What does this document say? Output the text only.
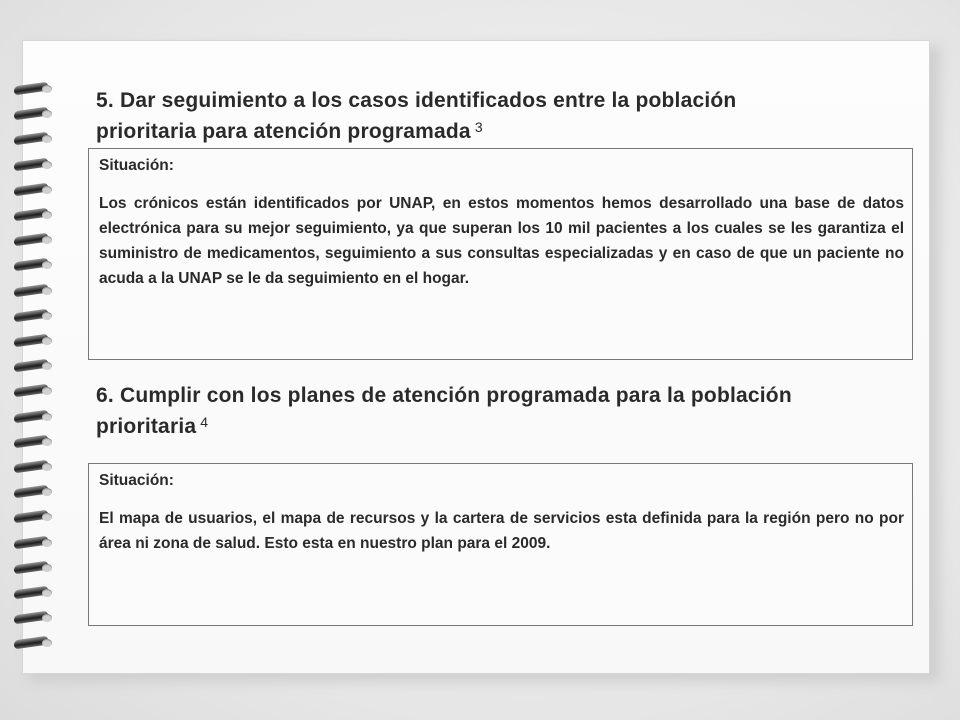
5. Dar seguimiento a los casos identificados entre la población
prioritaria para atención programada $^3$
Situación:
Los crónicos están identificados por UNAP, en estos momentos hemos desarrollado una base de datos electrónica para su mejor seguimiento, ya que superan los 10 mil pacientes a los cuales se les garantiza el suministro de medicamentos, seguimiento a sus consultas especializadas y en caso de que un paciente no acuda a la UNAP se le da seguimiento en el hogar.
6. Cumplir con los planes de atención programada para la población
prioritaria $^4$
Situación:
El mapa de usuarios, el mapa de recursos y la cartera de servicios esta definida para la región pero no por área ni zona de salud. Esto esta en nuestro plan para el 2009.
